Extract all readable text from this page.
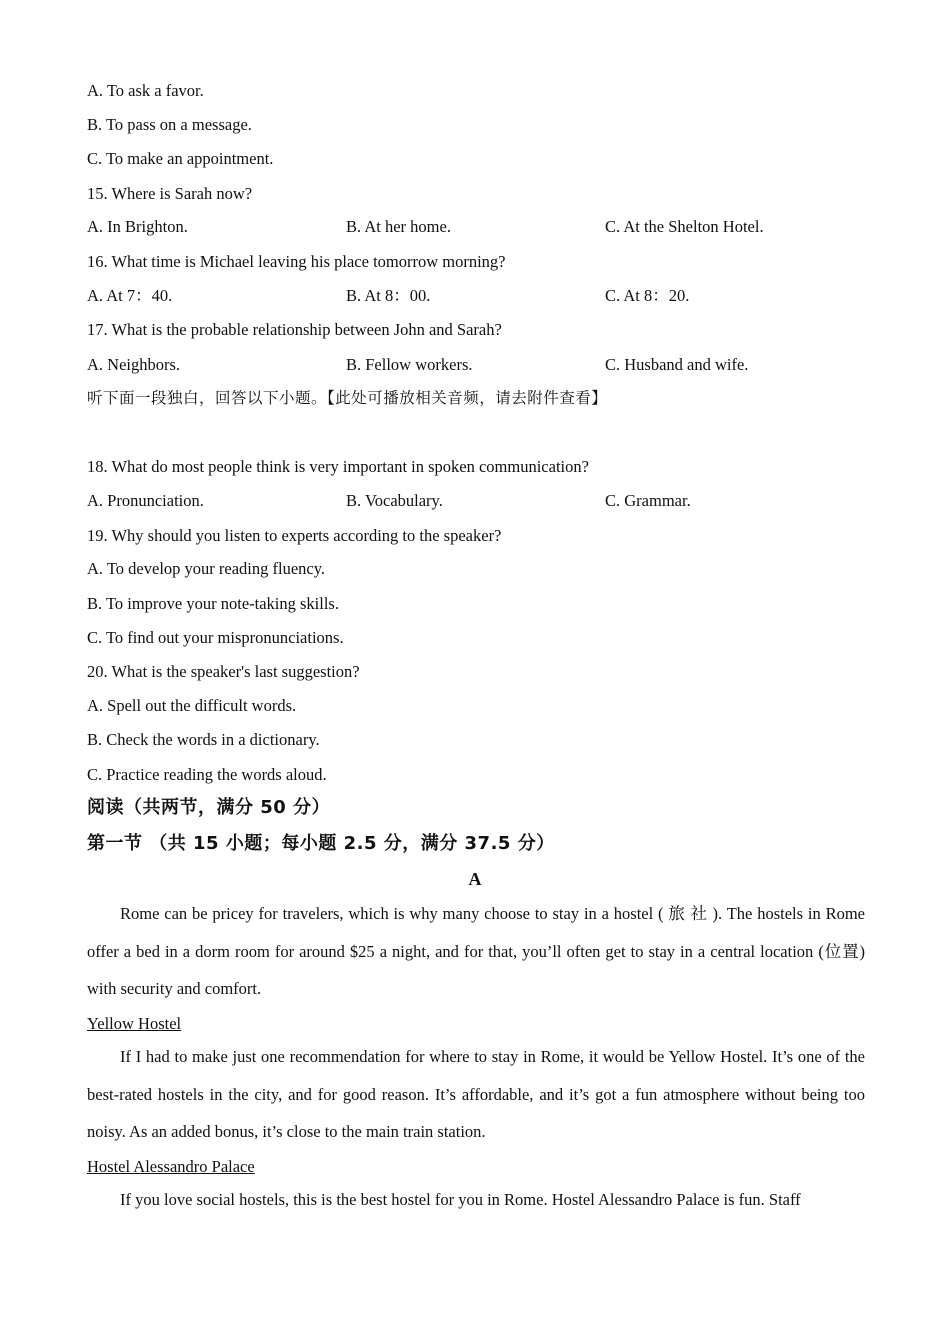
A. To ask a favor.
B. To pass on a message.
C. To make an appointment.
15. Where is Sarah now?
A. In Brighton.	B. At her home.	C. At the Shelton Hotel.
16. What time is Michael leaving his place tomorrow morning?
A. At 7：40.	B. At 8：00.	C. At 8：20.
17. What is the probable relationship between John and Sarah?
A. Neighbors.	B. Fellow workers.	C. Husband and wife.
听下面一段独白，回答以下小题。【此处可播放相关音频，请去附件查看】
18. What do most people think is very important in spoken communication?
A. Pronunciation.	B. Vocabulary.	C. Grammar.
19. Why should you listen to experts according to the speaker?
A. To develop your reading fluency.
B. To improve your note-taking skills.
C. To find out your mispronunciations.
20. What is the speaker's last suggestion?
A. Spell out the difficult words.
B. Check the words in a dictionary.
C. Practice reading the words aloud.
阅读（共两节，满分 50 分）
第一节 （共 15 小题；每小题 2.5 分，满分 37.5 分）
A
Rome can be pricey for travelers, which is why many choose to stay in a hostel ( 旅 社 ). The hostels in Rome offer a bed in a dorm room for around $25 a night, and for that, you’ll often get to stay in a central location (位置) with security and comfort.
Yellow Hostel
If I had to make just one recommendation for where to stay in Rome, it would be Yellow Hostel. It’s one of the best-rated hostels in the city, and for good reason. It’s affordable, and it’s got a fun atmosphere without being too noisy. As an added bonus, it’s close to the main train station.
Hostel Alessandro Palace
If you love social hostels, this is the best hostel for you in Rome. Hostel Alessandro Palace is fun. Staff
